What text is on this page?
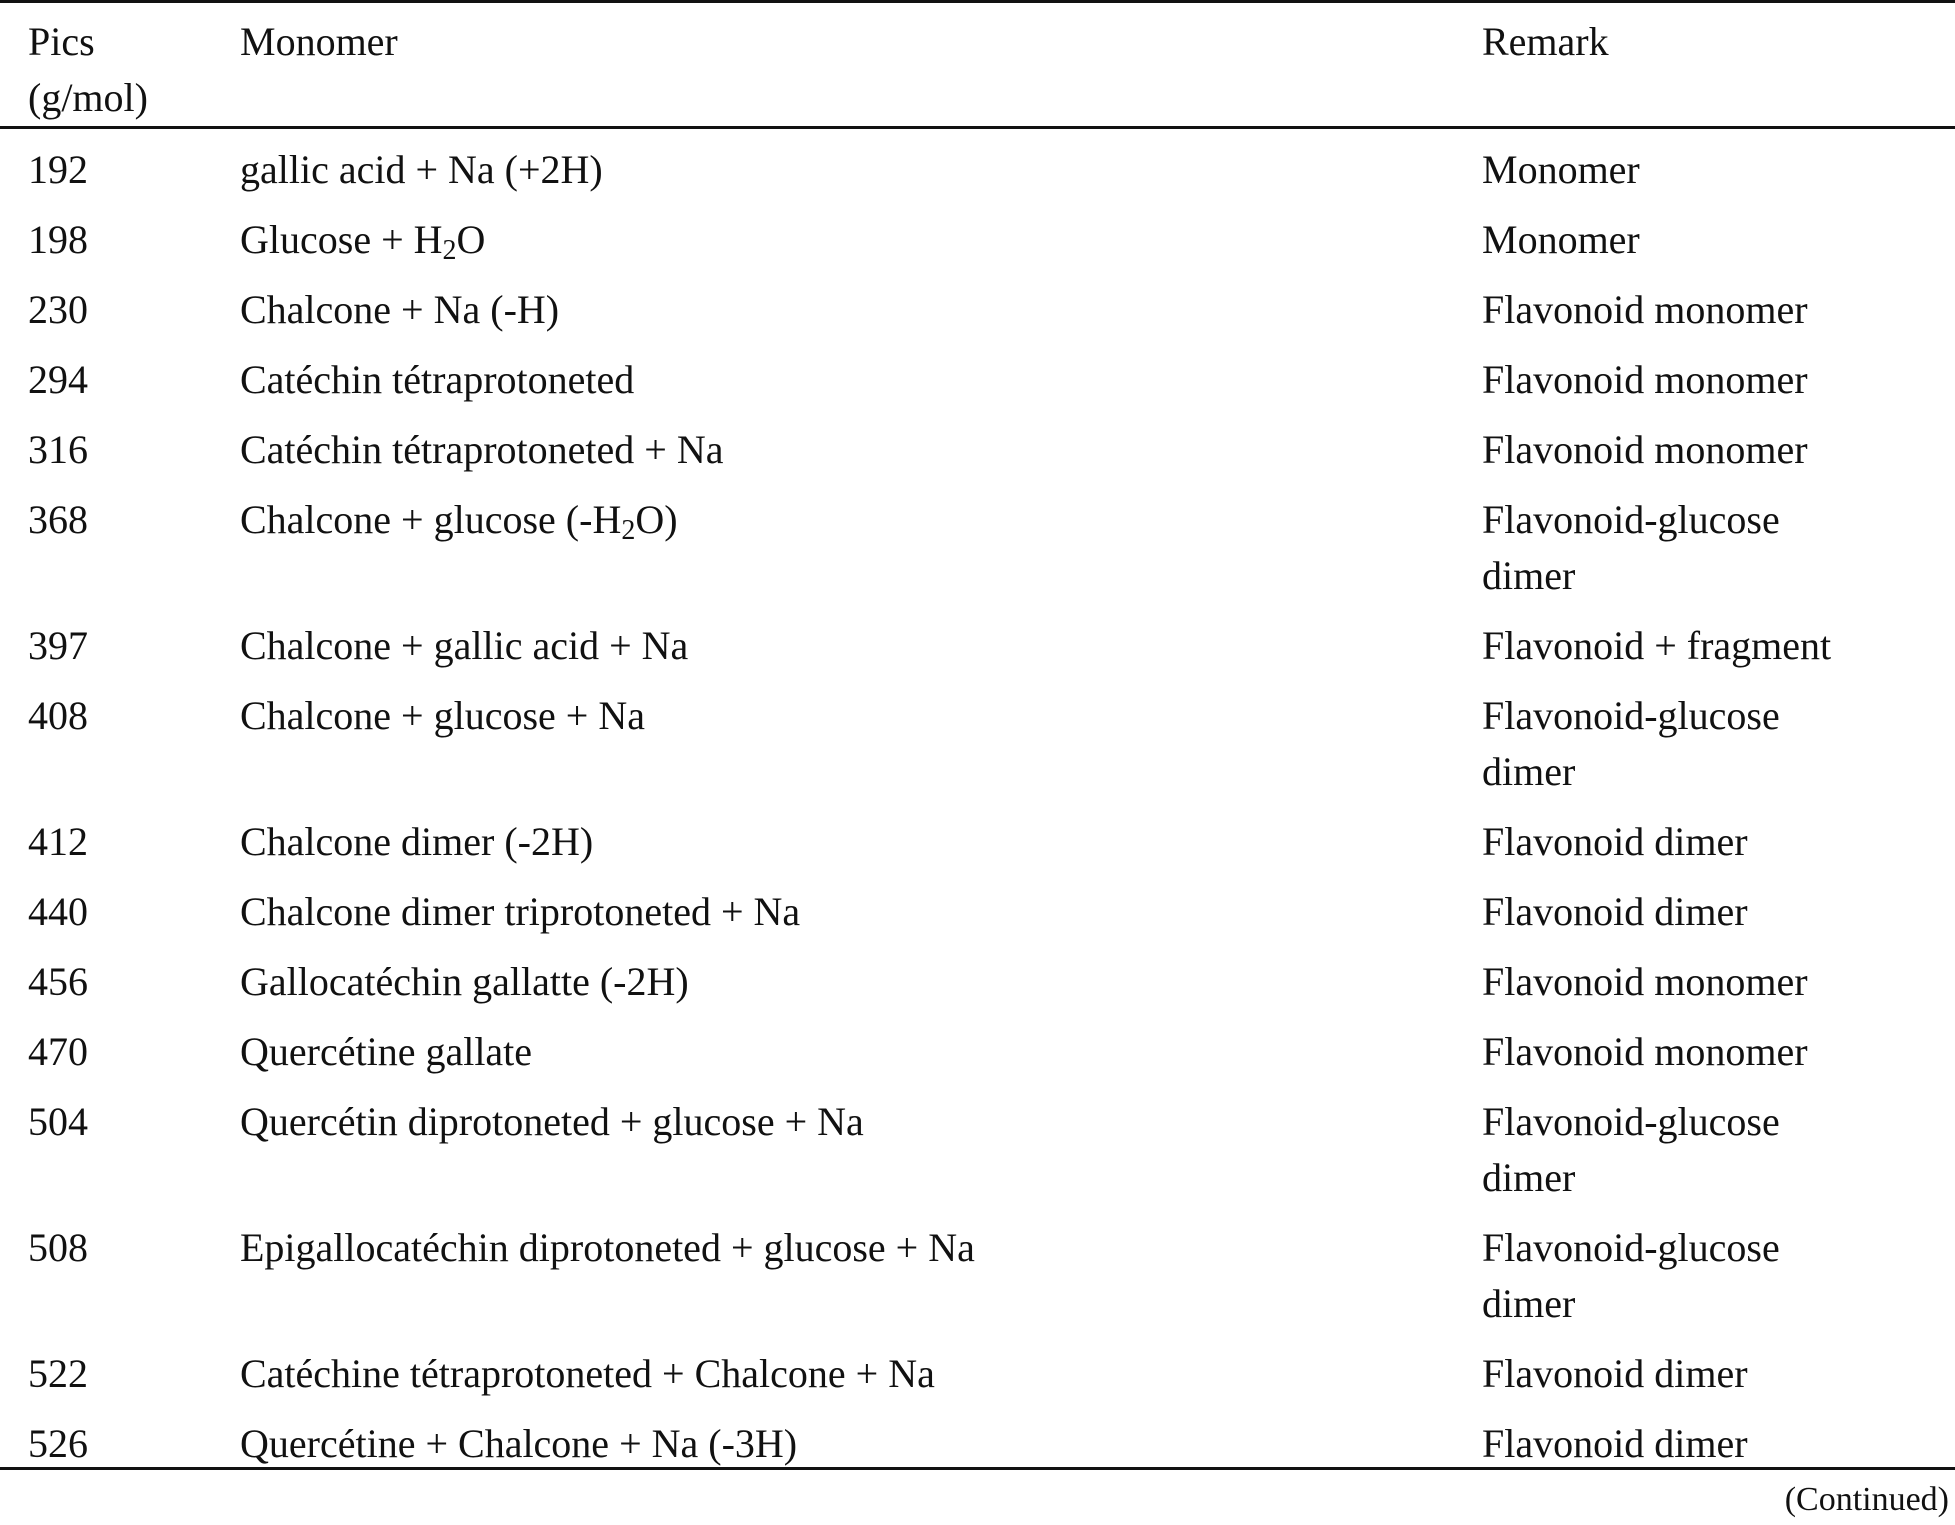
Pics
(g/mol)
Monomer	Remark
192	gallic acid + Na (+2H)	Monomer
198	$Glucose + H_2O$	Monomer
230	Chalcone + Na (-H)	Flavonoid monomer
294	Catéchin tétraprotoneted	Flavonoid monomer
316	Catéchin tétraprotoneted + Na	Flavonoid monomer
368	Chalcone + glucose $(-H_2O)$	Flavonoid-glucose
dimer
397	Chalcone + gallic acid + Na	Flavonoid + fragment
408	Chalcone + glucose + Na	Flavonoid-glucose
dimer
412	Chalcone dimer (-2H)	Flavonoid dimer
440	Chalcone dimer triprotoneted + Na	Flavonoid dimer
456	Gallocatéchin gallatte (-2H)	Flavonoid monomer
470	Quercétine gallate	Flavonoid monomer
504	Quercétin diprotoneted + glucose + Na	Flavonoid-glucose
dimer
508	Epigallocatéchin diprotoneted + glucose + Na	Flavonoid-glucose
dimer
522	Catéchine tétraprotoneted + Chalcone + Na	Flavonoid dimer
526	Quercétine + Chalcone + Na (-3H)	Flavonoid dimer
(Continued)
